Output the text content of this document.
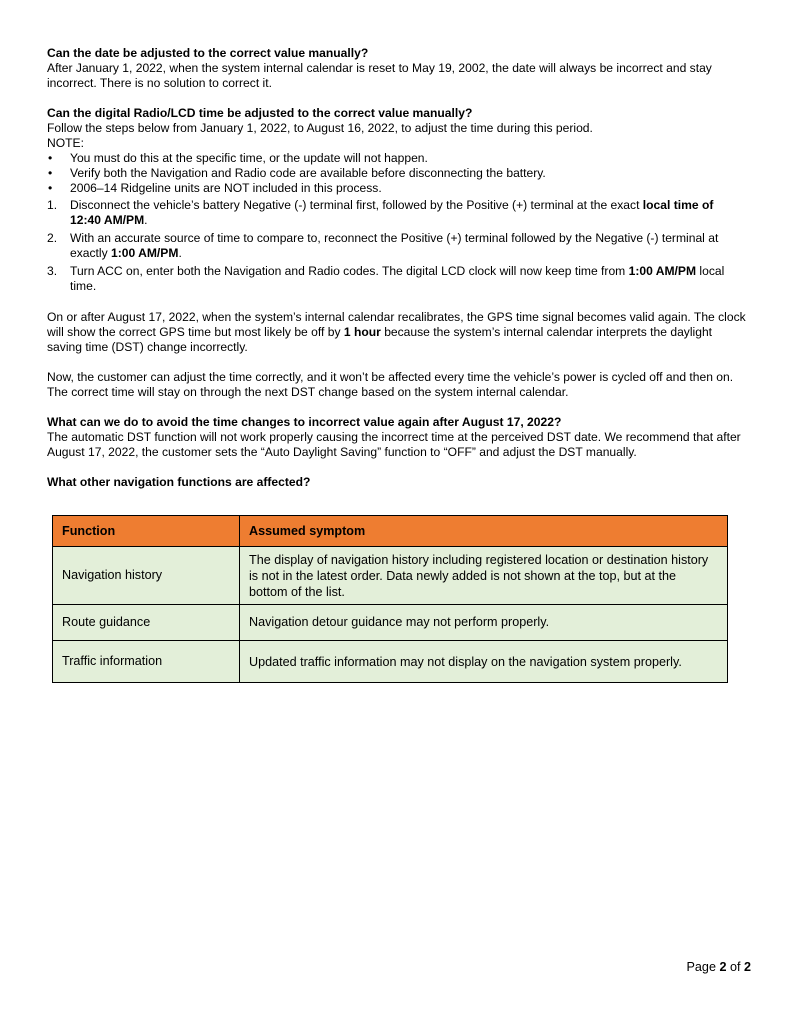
Can the date be adjusted to the correct value manually?

After January 1, 2022, when the system internal calendar is reset to May 19, 2002, the date will always be incorrect and stay incorrect. There is no solution to correct it.

Can the digital Radio/LCD time be adjusted to the correct value manually?

Follow the steps below from January 1, 2022, to August 16, 2022, to adjust the time during this period.

NOTE:

• You must do this at the specific time, or the update will not happen.
• Verify both the Navigation and Radio code are available before disconnecting the battery.
• 2006–14 Ridgeline units are NOT included in this process.
1. Disconnect the vehicle’s battery Negative (-) terminal first, followed by the Positive (+) terminal at the exact local time of 12:40 AM/PM.
2. With an accurate source of time to compare to, reconnect the Positive (+) terminal followed by the Negative (-) terminal at exactly 1:00 AM/PM.
3. Turn ACC on, enter both the Navigation and Radio codes. The digital LCD clock will now keep time from 1:00 AM/PM local time.

On or after August 17, 2022, when the system’s internal calendar recalibrates, the GPS time signal becomes valid again. The clock will show the correct GPS time but most likely be off by 1 hour because the system’s internal calendar interprets the daylight saving time (DST) change incorrectly.

Now, the customer can adjust the time correctly, and it won’t be affected every time the vehicle’s power is cycled off and then on. The correct time will stay on through the next DST change based on the system internal calendar.

What can we do to avoid the time changes to incorrect value again after August 17, 2022?

The automatic DST function will not work properly causing the incorrect time at the perceived DST date. We recommend that after August 17, 2022, the customer sets the “Auto Daylight Saving” function to “OFF” and adjust the DST manually.

What other navigation functions are affected?

Function	Assumed symptom
Navigation history	The display of navigation history including registered location or destination history is not in the latest order. Data newly added is not shown at the top, but at the bottom of the list.
Route guidance	Navigation detour guidance may not perform properly.
Traffic information	Updated traffic information may not display on the navigation system properly.
Page 2 of 2
